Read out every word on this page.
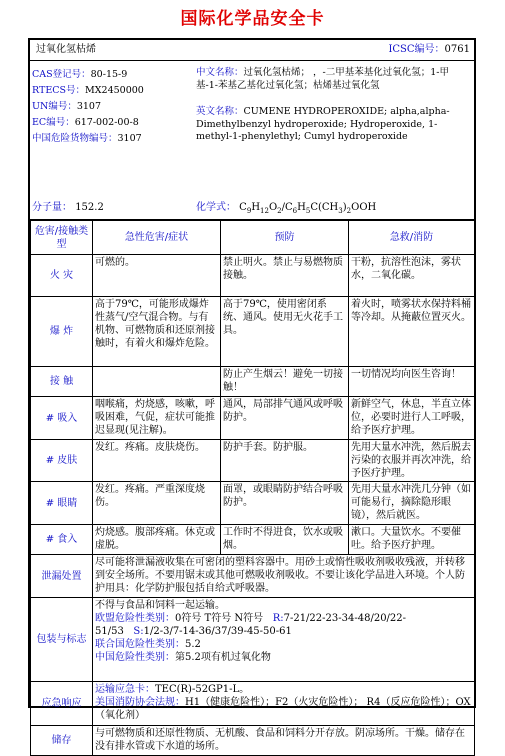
国际化学品安全卡
过氧化氢枯烯	ICSC编号：0761
CAS登记号：80-15-9
RTECS号：MX2450000
UN编号：3107
EC编号：617-002-00-8
中国危险货物编号：3107

中文名称：过氧化氢枯烯； ，-二甲基苯基化过氧化氢；1-甲基-1-苯基乙基化过氧化氢；枯烯基过氧化氢

英文名称：CUMENE HYDROPEROXIDE; alpha,alpha-Dimethylbenzyl hydroperoxide; Hydroperoxide, 1-methyl-1-phenylethyl; Cumyl hydroperoxide

分子量： 152.2	化学式： $C_9H_{12}O_2/C_6H_5C(CH_3)_2OOH$
危害/接触类型	急性危害/症状	预防	急救/消防
火 灾	可燃的。	禁止明火。禁止与易燃物质接触。	干粉，抗溶性泡沫，雾状水，二氧化碳。
爆 炸	高于79℃，可能形成爆炸性蒸气/空气混合物。与有机物、可燃物质和还原剂接触时，有着火和爆炸危险。	高于79℃，使用密闭系统、通风。使用无火花手工具。	着火时，喷雾状水保持料桶等冷却。从掩蔽位置灭火。
接 触		防止产生烟云！避免一切接触！	一切情况均向医生咨询！
# 吸入	咽喉痛，灼烧感，咳嗽，呼吸困难，气促，症状可能推迟显现(见注解)。	通风，局部排气通风或呼吸防护。	新鲜空气，休息，半直立体位，必要时进行人工呼吸，给予医疗护理。
# 皮肤	发红。疼痛。皮肤烧伤。	防护手套。防护服。	先用大量水冲洗，然后脱去污染的衣服并再次冲洗，给予医疗护理。
# 眼睛	发红。疼痛。严重深度烧伤。	面罩，或眼睛防护结合呼吸防护。	先用大量水冲洗几分钟（如可能易行，摘除隐形眼镜），然后就医。
# 食入	灼烧感。腹部疼痛。休克或虚脱。	工作时不得进食，饮水或吸烟。	漱口。大量饮水。不要催吐。给予医疗护理。
泄漏处置	尽可能将泄漏液收集在可密闭的塑料容器中。用砂土或惰性吸收剂吸收残液，并转移到安全场所。不要用锯末或其他可燃吸收剂吸收。不要让该化学品进入环境。个人防护用具：化学防护服包括自给式呼吸器。		
包装与标志	不得与食品和饲料一起运输。
欧盟危险性类别：0符号 T符号 N符号 R:7-21/22-23-34-48/20/22-51/53 S:1/2-3/7-14-36/37/39-45-50-61
联合国危险性类别：5.2
中国危险性类别：第5.2项有机过氧化物		

应急响应	运输应急卡：TEC(R)-52GP1-L。
美国消防协会法规：H1（健康危险性）；F2（火灾危险性）； R4（反应危险性）；OX（氧化剂）		

储存	与可燃物质和还原性物质、无机酸、食品和饲料分开存放。阴凉场所。干燥。储存在没有排水管或下水道的场所。		
